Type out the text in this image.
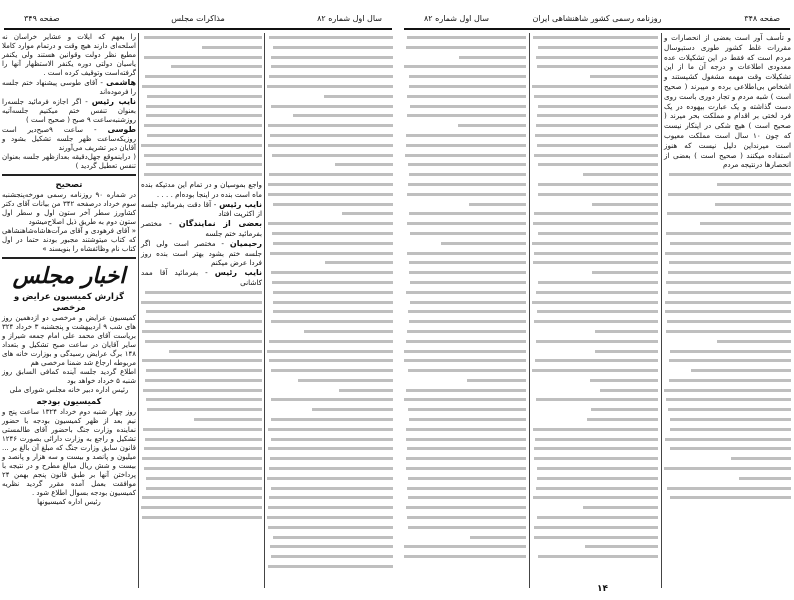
صفحه ۳۴۹	مذاکرات مجلس	سال اول شماره ۸۲

را بعهم که ایلات و عشایر خراسان نه اسلحه‌ای دارند هیچ وقت و درتمام موارد کاملا مطیع نظر دولت وقوانین هستند ولی یکنفر یاسیان دولتی دوره یکنفر الاستظهار آنها را گرفته‌است وتوقیف کرده است .

هاشمی - آقای طوسی پیشنهاد ختم جلسه را فرموده‌اند

نایب رئیس - اگر اجازه فرمائید جلسه‌را بعنوان تنفس ختم میکنیم جلسه‌آتیه روزشنبه‌ساعت ۹ صبح ( صحیح است )

طوسی - ساعت ۹صبح‌دیر است روزیکه‌ساعت ظهر جلسه تشکیل بشود و آقایان دیر تشریف می‌آورند

( دراینموقع جهل‌دقیقه بعدازظهر جلسه بعنوان تنفس تعطیل گردید )

تصحیح

در شماره ۹۰ روزنامه رسمی مورخه‌پنجشنبه سوم خرداد درصفحه ۳۴۲ من بیانات آقای دکتر کشاورز سطر آخر ستون اول و سطر اول ستون دوم به طریق ذیل اصلاح‌میشود

« آقای فرهودی و آقای مرآت‌هاشاه‌شاهنشاهی که کتاب میتوشتند مجبور بودند حتما در اول کتاب نام وظائفشاه را بنویسند »

اخبار مجلس
گزارش کمیسیون عرایض و مرخصی

کمیسیون عرایض و مرخصی دو ازدهمین روز های شب ۹ اردیبهشت و پنجشنبه ۳ خرداد ۳۲۴ بریاست آقای محمد علی امام جمعه شیراز و سایر آقایان در ساعت صبح تشکیل و بتعداد ۱۴۸ برگ عرایض رسیدگی و بوزارت خانه های مربوطه ارجاع شد ضمنا مرخصی هم

اطلاع گردید جلسه آینده کمافی السابق روز شنبه ۵ خرداد خواهد بود

رئیس اداره دبیر خانه مجلس شورای ملی

کمیسیون بودجه

روز چهار شنبه دوم خرداد ۱۳۲۴ ساعت پنج و نیم بعد از ظهر کمیسیون بودجه با حضور نماینده وزارت جنگ باحضور آقای طالمستی تشکیل و راجع به وزارت دارائی بصورت ۱۲۴۶ قانون سابق وزارت جنگ که مبلغ آن بالغ بر ... میلیون و پانصد و بیست و سه هزار و پانصد و بیست و شش ریال مبالغ مطرح و در نتیجه با پرداختن آنها بر طبق قانون پنجم بهمن ۲۴ موافقت بعمل آمده مقرر گردید نظریه کمیسیون بودجه بسوال اطلاع شود .

رئیس اداره کمیسیونها

واجع بموسیان و در تمام این مدتیکه بنده ماه است بنده در اینجا بوده‌ام . . . .

نایب رئیس - آقا دقت بفرمائید جلسه از اکثریت افتاد

بعضی از نمایندگان - مختصر بفرمائید ختم جلسه

رحیمیان - مختصر است ولی اگر جلسه ختم بشود بهتر است بنده روز فردا عرض میکنم

نایب رئیس - بفرمائید آقا ممد کاشانی

سال اول شماره ۸۲	روزنامه رسمی کشور شاهنشاهی ایران	صفحه ۳۴۸

و تأسف آور است بعضی از انحصارات و مقررات غلط کشور طوری دستبوسال مردم است که فقط در این تشکیلات عده معدودی اطلاعات و درجه آن ما از این تشکیلات وقت مهمه مشغول کشیستند و اشخاص بی‌اطلاعی برده و میبرند ( صحیح است ) شبه مردم و تجار دوری باست روی دست گذاشته و یک عبارت بیهوده در یک فرد لختی بر اقدام و مملکت بحر میرند ( صحیح است ) هیچ شکی در اینکار نیست که چون ۱۰ سال است مملکت معیوب است میرنداین دلیل نیست که هنوز استفاده میکنند ( صحیح است ) بعضی از انحصارها درنتیجه مردم

۱۴
